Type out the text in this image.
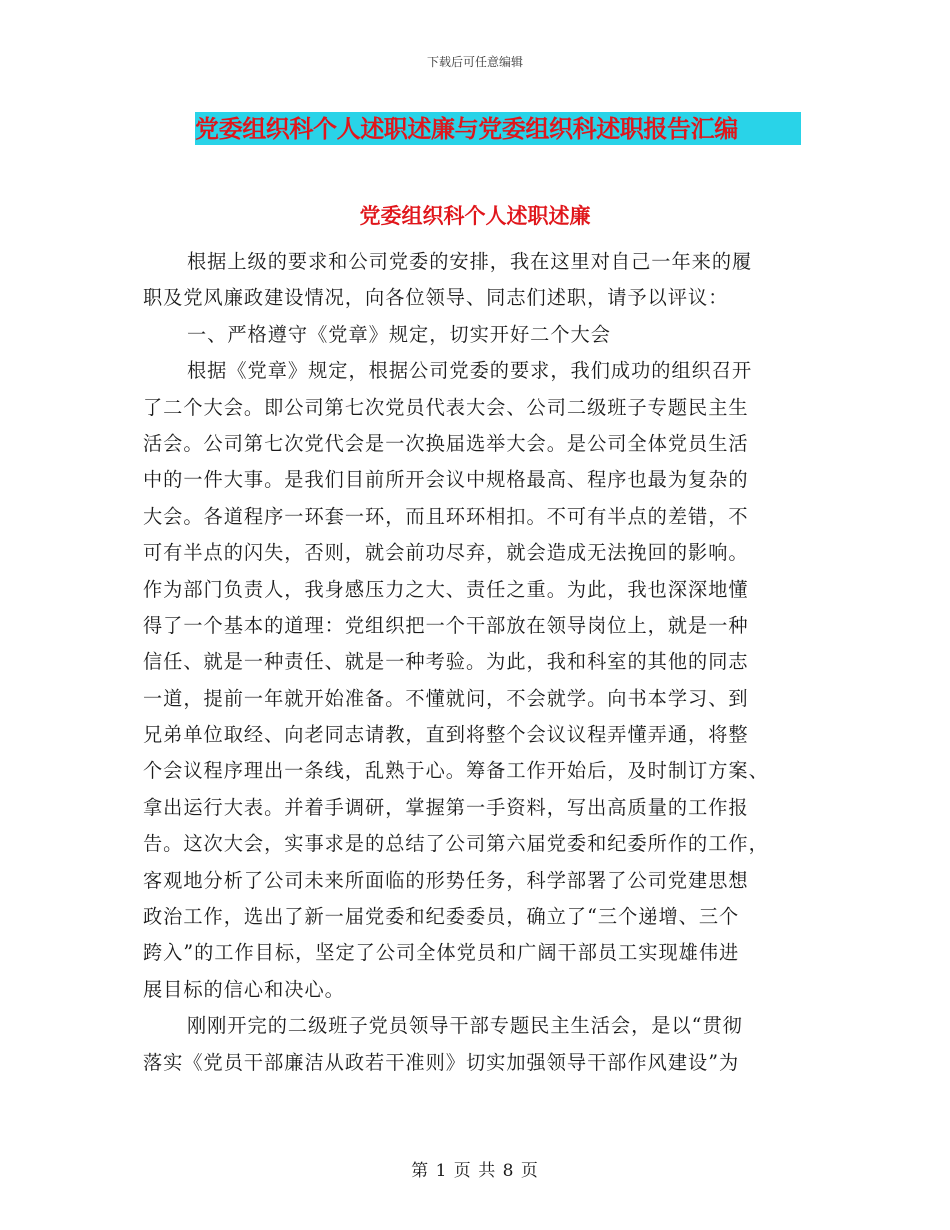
下载后可任意编辑
党委组织科个人述职述廉与党委组织科述职报告汇编
党委组织科个人述职述廉
根据上级的要求和公司党委的安排，我在这里对自己一年来的履
职及党风廉政建设情况，向各位领导、同志们述职，请予以评议：
一、严格遵守《党章》规定，切实开好二个大会
根据《党章》规定，根据公司党委的要求，我们成功的组织召开
了二个大会。即公司第七次党员代表大会、公司二级班子专题民主生
活会。公司第七次党代会是一次换届选举大会。是公司全体党员生活
中的一件大事。是我们目前所开会议中规格最高、程序也最为复杂的
大会。各道程序一环套一环，而且环环相扣。不可有半点的差错，不
可有半点的闪失，否则，就会前功尽弃，就会造成无法挽回的影响。
作为部门负责人，我身感压力之大、责任之重。为此，我也深深地懂
得了一个基本的道理：党组织把一个干部放在领导岗位上，就是一种
信任、就是一种责任、就是一种考验。为此，我和科室的其他的同志
一道，提前一年就开始准备。不懂就问，不会就学。向书本学习、到
兄弟单位取经、向老同志请教，直到将整个会议议程弄懂弄通，将整
个会议程序理出一条线，乱熟于心。筹备工作开始后，及时制订方案、
拿出运行大表。并着手调研，掌握第一手资料，写出高质量的工作报
告。这次大会，实事求是的总结了公司第六届党委和纪委所作的工作，
客观地分析了公司未来所面临的形势任务，科学部署了公司党建思想
政治工作，选出了新一届党委和纪委委员，确立了“三个递增、三个
跨入”的工作目标，坚定了公司全体党员和广阔干部员工实现雄伟进
展目标的信心和决心。
刚刚开完的二级班子党员领导干部专题民主生活会，是以“贯彻
落实《党员干部廉洁从政若干准则》切实加强领导干部作风建设”为
第 1 页 共 8 页
